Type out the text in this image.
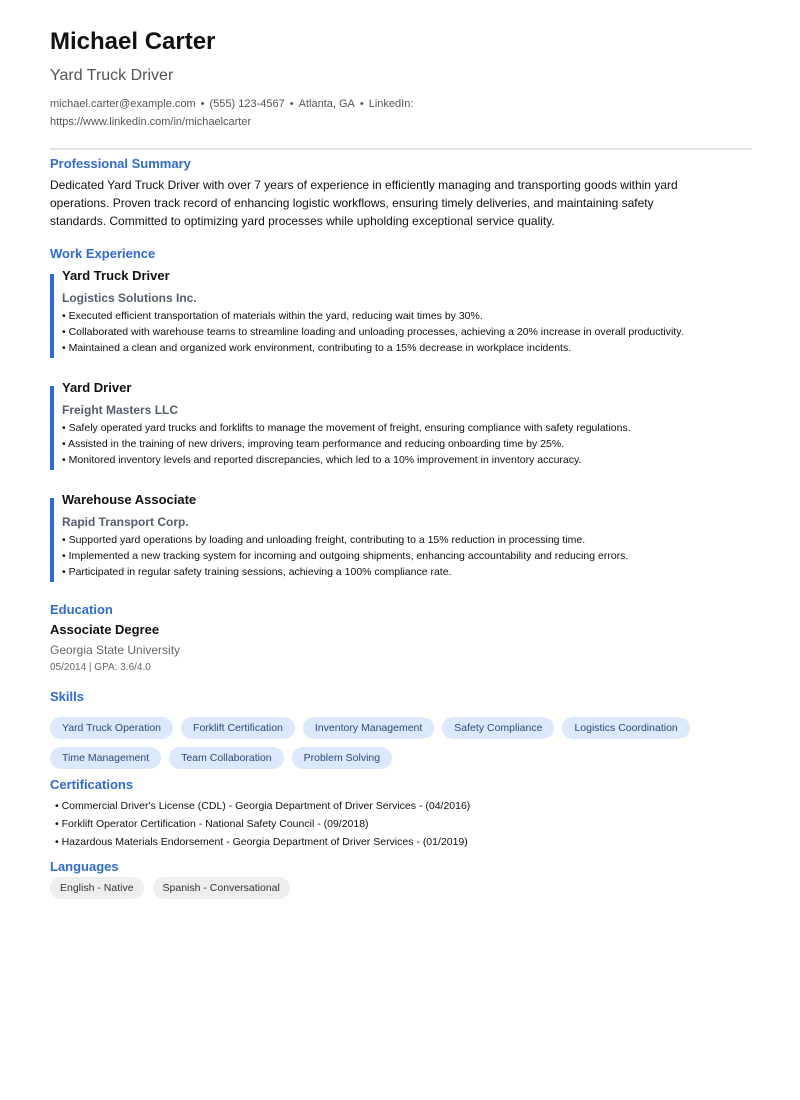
Michael Carter
Yard Truck Driver
michael.carter@example.com • (555) 123-4567 • Atlanta, GA • LinkedIn: https://www.linkedin.com/in/michaelcarter
Professional Summary

Dedicated Yard Truck Driver with over 7 years of experience in efficiently managing and transporting goods within yard operations. Proven track record of enhancing logistic workflows, ensuring timely deliveries, and maintaining safety standards. Committed to optimizing yard processes while upholding exceptional service quality.

Work Experience
Yard Truck Driver
Logistics Solutions Inc.
• Executed efficient transportation of materials within the yard, reducing wait times by 30%.
• Collaborated with warehouse teams to streamline loading and unloading processes, achieving a 20% increase in overall productivity.
• Maintained a clean and organized work environment, contributing to a 15% decrease in workplace incidents.
Yard Driver
Freight Masters LLC
• Safely operated yard trucks and forklifts to manage the movement of freight, ensuring compliance with safety regulations.
• Assisted in the training of new drivers, improving team performance and reducing onboarding time by 25%.
• Monitored inventory levels and reported discrepancies, which led to a 10% improvement in inventory accuracy.
Warehouse Associate
Rapid Transport Corp.
• Supported yard operations by loading and unloading freight, contributing to a 15% reduction in processing time.
• Implemented a new tracking system for incoming and outgoing shipments, enhancing accountability and reducing errors.
• Participated in regular safety training sessions, achieving a 100% compliance rate.
Education
Associate Degree
Georgia State University
05/2014 | GPA: 3.6/4.0
Skills
Yard Truck Operation	Forklift Certification	Inventory Management	Safety Compliance	Logistics Coordination
Time Management	Team Collaboration	Problem Solving
Certifications
• Commercial Driver's License (CDL) - Georgia Department of Driver Services - (04/2016)
• Forklift Operator Certification - National Safety Council - (09/2018)
• Hazardous Materials Endorsement - Georgia Department of Driver Services - (01/2019)
Languages
English - Native	Spanish - Conversational
